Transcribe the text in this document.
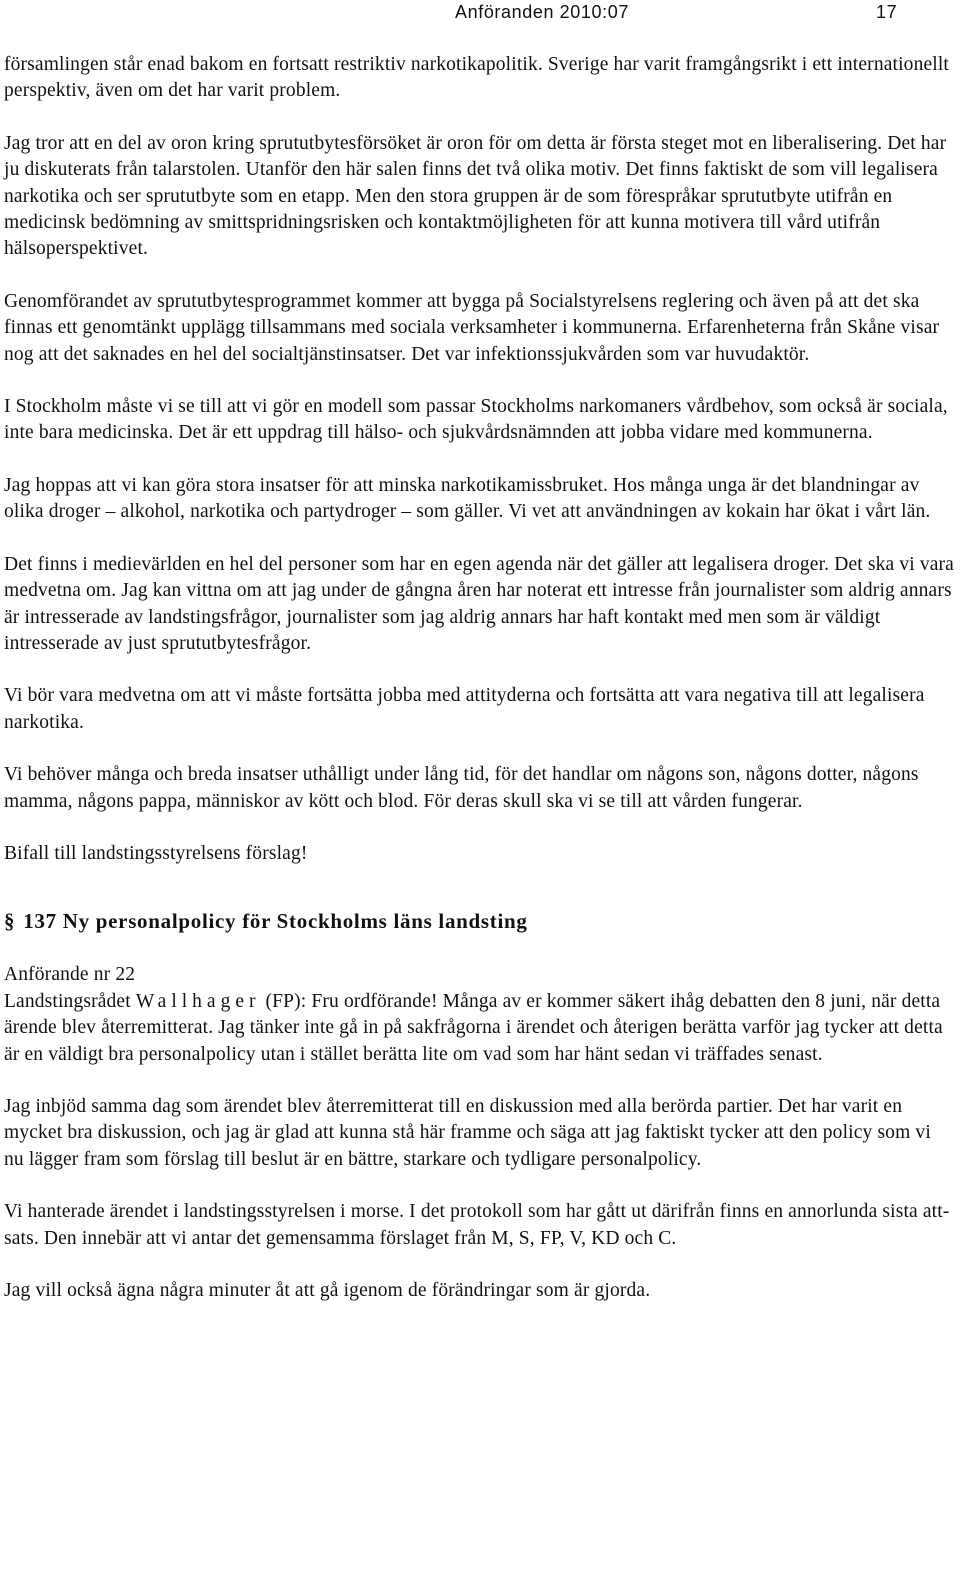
Anföranden 2010:07	17

församlingen står enad bakom en fortsatt restriktiv narkotikapolitik. Sverige har varit framgångsrikt i ett internationellt perspektiv, även om det har varit problem.

Jag tror att en del av oron kring sprututbytesförsöket är oron för om detta är första steget mot en liberalisering. Det har ju diskuterats från talarstolen. Utanför den här salen finns det två olika motiv. Det finns faktiskt de som vill legalisera narkotika och ser sprututbyte som en etapp. Men den stora gruppen är de som förespråkar sprututbyte utifrån en medicinsk bedömning av smittspridningsrisken och kontaktmöjligheten för att kunna motivera till vård utifrån hälsoperspektivet.

Genomförandet av sprututbytesprogrammet kommer att bygga på Socialstyrelsens reglering och även på att det ska finnas ett genomtänkt upplägg tillsammans med sociala verksamheter i kommunerna. Erfarenheterna från Skåne visar nog att det saknades en hel del socialtjänstinsatser. Det var infektionssjukvården som var huvudaktör.

I Stockholm måste vi se till att vi gör en modell som passar Stockholms narkomaners vårdbehov, som också är sociala, inte bara medicinska. Det är ett uppdrag till hälso- och sjukvårdsnämnden att jobba vidare med kommunerna.

Jag hoppas att vi kan göra stora insatser för att minska narkotikamissbruket. Hos många unga är det blandningar av olika droger – alkohol, narkotika och partydroger – som gäller. Vi vet att användningen av kokain har ökat i vårt län.

Det finns i medievärlden en hel del personer som har en egen agenda när det gäller att legalisera droger. Det ska vi vara medvetna om. Jag kan vittna om att jag under de gångna åren har noterat ett intresse från journalister som aldrig annars är intresserade av landstingsfrågor, journalister som jag aldrig annars har haft kontakt med men som är väldigt intresserade av just sprututbytesfrågor.

Vi bör vara medvetna om att vi måste fortsätta jobba med attityderna och fortsätta att vara negativa till att legalisera narkotika.

Vi behöver många och breda insatser uthålligt under lång tid, för det handlar om någons son, någons dotter, någons mamma, någons pappa, människor av kött och blod. För deras skull ska vi se till att vården fungerar.

Bifall till landstingsstyrelsens förslag!

§ 137 Ny personalpolicy för Stockholms läns landsting

Anförande nr 22

Landstingsrådet Wallhager (FP): Fru ordförande! Många av er kommer säkert ihåg debatten den 8 juni, när detta ärende blev återremitterat. Jag tänker inte gå in på sakfrågorna i ärendet och återigen berätta varför jag tycker att detta är en väldigt bra personalpolicy utan i stället berätta lite om vad som har hänt sedan vi träffades senast.

Jag inbjöd samma dag som ärendet blev återremitterat till en diskussion med alla berörda partier. Det har varit en mycket bra diskussion, och jag är glad att kunna stå här framme och säga att jag faktiskt tycker att den policy som vi nu lägger fram som förslag till beslut är en bättre, starkare och tydligare personalpolicy.

Vi hanterade ärendet i landstingsstyrelsen i morse. I det protokoll som har gått ut därifrån finns en annorlunda sista att-sats. Den innebär att vi antar det gemensamma förslaget från M, S, FP, V, KD och C.

Jag vill också ägna några minuter åt att gå igenom de förändringar som är gjorda.
